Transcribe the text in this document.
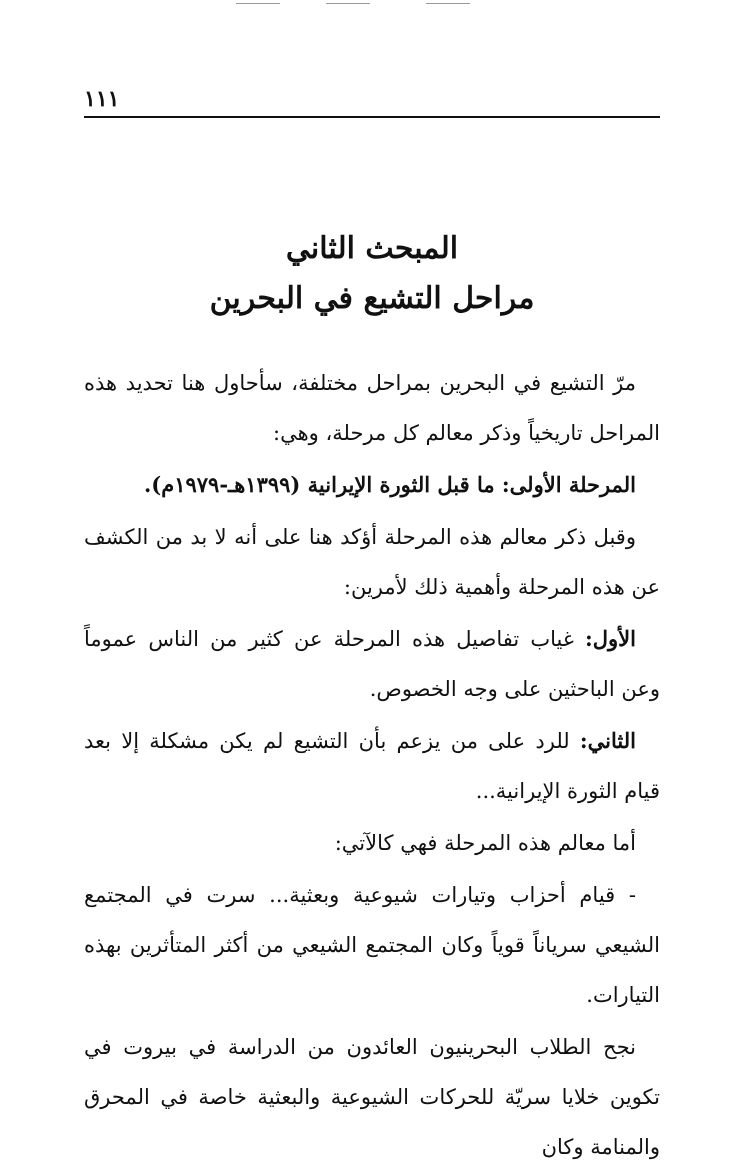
١١١
المبحث الثاني
مراحل التشيع في البحرين

مرّ التشيع في البحرين بمراحل مختلفة، سأحاول هنا تحديد هذه المراحل تاريخياً وذكر معالم كل مرحلة، وهي:

المرحلة الأولى: ما قبل الثورة الإيرانية (١٣٩٩هـ-١٩٧٩م).

وقبل ذكر معالم هذه المرحلة أؤكد هنا على أنه لا بد من الكشف عن هذه المرحلة وأهمية ذلك لأمرين:

الأول: غياب تفاصيل هذه المرحلة عن كثير من الناس عموماً وعن الباحثين على وجه الخصوص.

الثاني: للرد على من يزعم بأن التشيع لم يكن مشكلة إلا بعد قيام الثورة الإيرانية...

أما معالم هذه المرحلة فهي كالآتي:

- قيام أحزاب وتيارات شيوعية وبعثية... سرت في المجتمع الشيعي سرياناً قوياً وكان المجتمع الشيعي من أكثر المتأثرين بهذه التيارات.

نجح الطلاب البحرينيون العائدون من الدراسة في بيروت في تكوين خلايا سريّة للحركات الشيوعية والبعثية خاصة في المحرق والمنامة وكان
